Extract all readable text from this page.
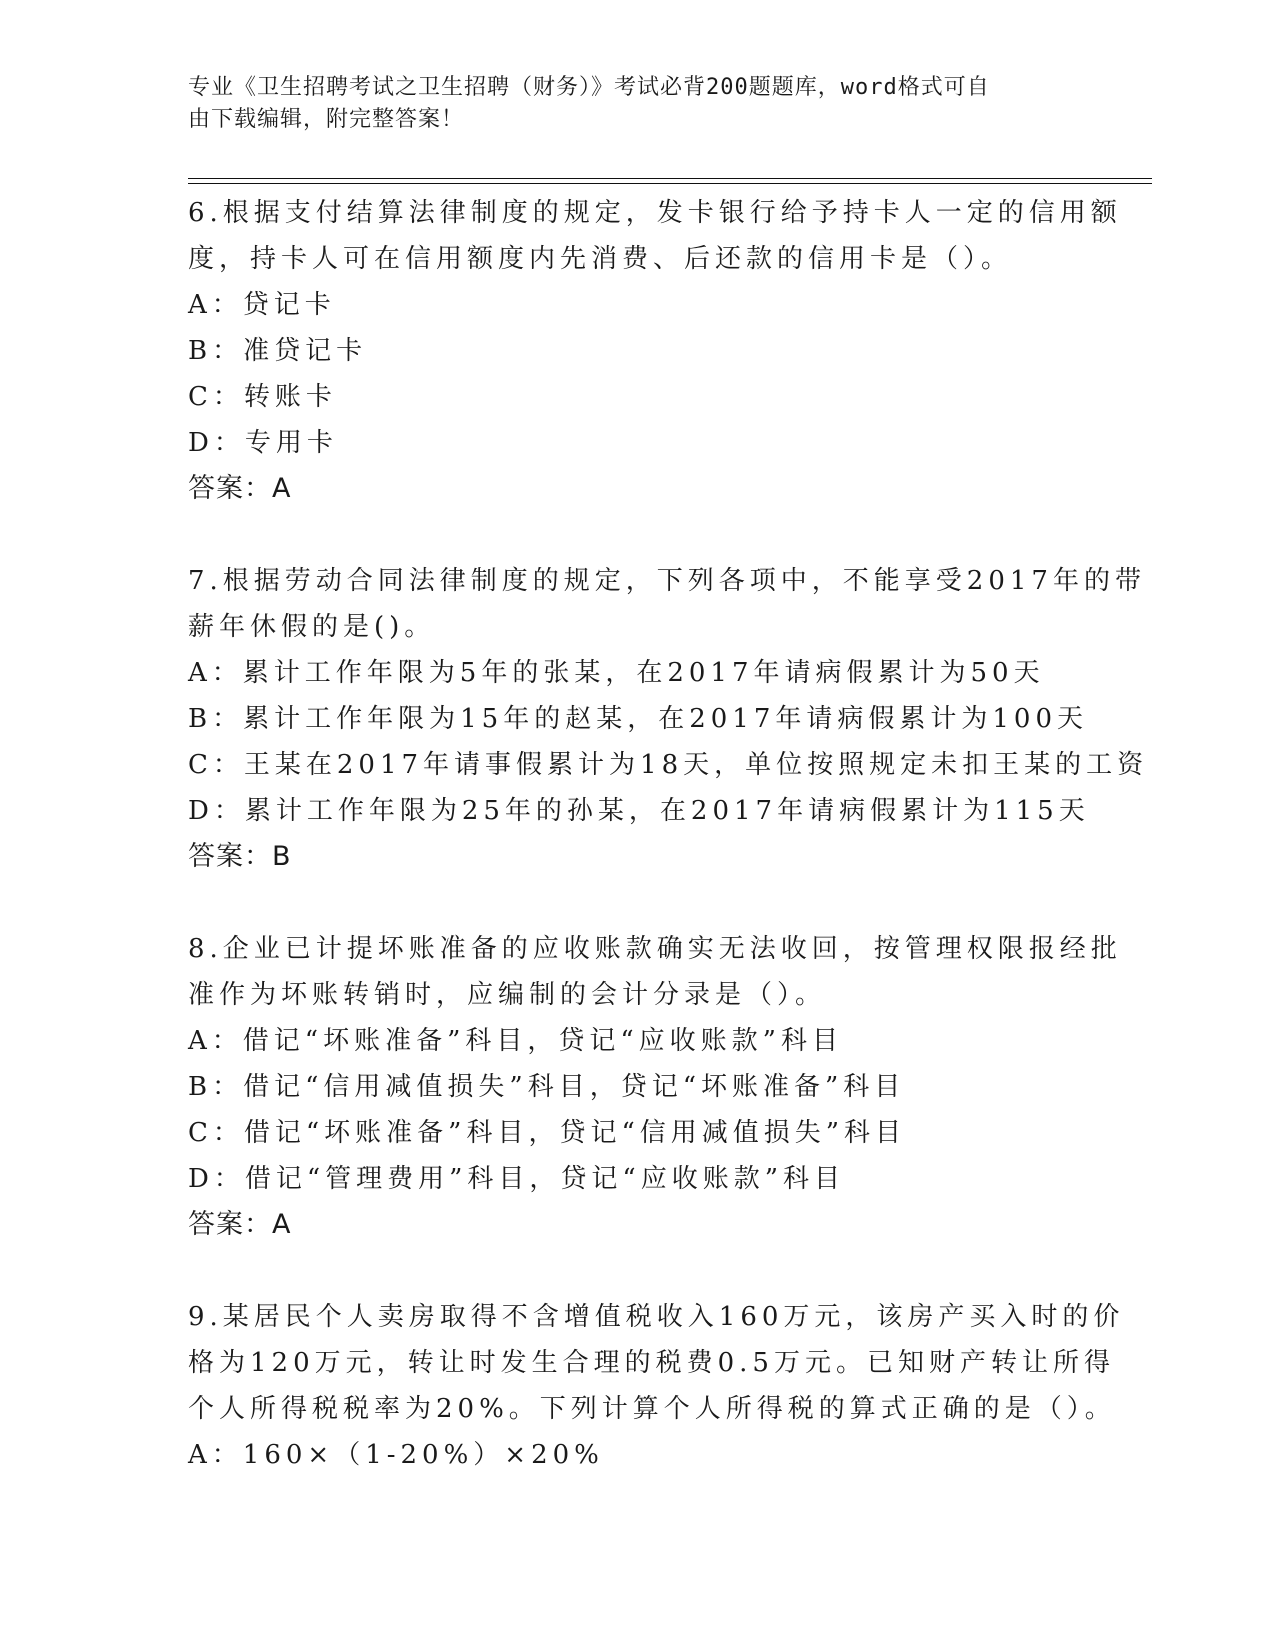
专业《卫生招聘考试之卫生招聘（财务）》考试必背200题题库，word格式可自
由下载编辑，附完整答案！
6.根据支付结算法律制度的规定，发卡银行给予持卡人一定的信用额
度，持卡人可在信用额度内先消费、后还款的信用卡是（）。
A：贷记卡
B：准贷记卡
C：转账卡
D：专用卡
答案：A
7.根据劳动合同法律制度的规定，下列各项中，不能享受2017年的带
薪年休假的是()。
A：累计工作年限为5年的张某，在2017年请病假累计为50天
B：累计工作年限为15年的赵某，在2017年请病假累计为100天
C：王某在2017年请事假累计为18天，单位按照规定未扣王某的工资
D：累计工作年限为25年的孙某，在2017年请病假累计为115天
答案：B
8.企业已计提坏账准备的应收账款确实无法收回，按管理权限报经批
准作为坏账转销时，应编制的会计分录是（）。
A：借记“坏账准备”科目，贷记“应收账款”科目
B：借记“信用减值损失”科目，贷记“坏账准备”科目
C：借记“坏账准备”科目，贷记“信用减值损失”科目
D：借记“管理费用”科目，贷记“应收账款”科目
答案：A
9.某居民个人卖房取得不含增值税收入160万元，该房产买入时的价
格为120万元，转让时发生合理的税费0.5万元。已知财产转让所得
个人所得税税率为20%。下列计算个人所得税的算式正确的是（）。
A：160×（1-20%）×20%
